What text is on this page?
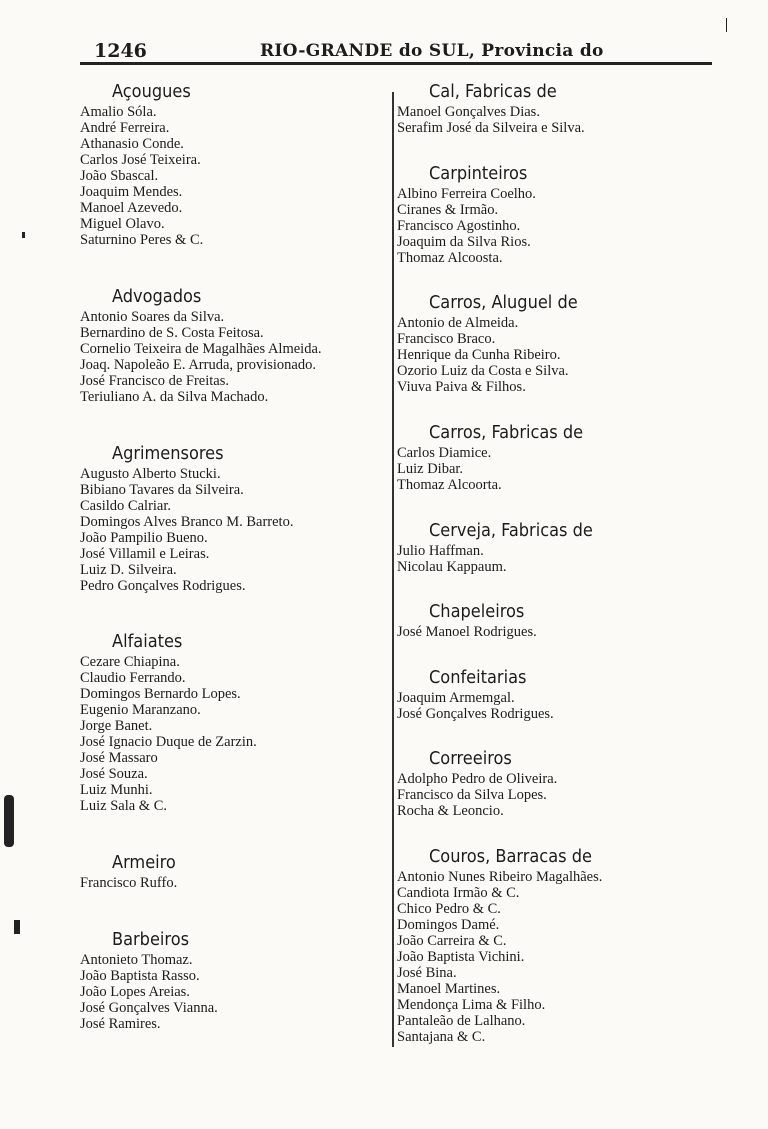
1246	RIO-GRANDE do SUL, Provincia do
Açougues
Amalio Sóla.
André Ferreira.
Athanasio Conde.
Carlos José Teixeira.
João Sbascal.
Joaquim Mendes.
Manoel Azevedo.
Miguel Olavo.
Saturnino Peres & C.
Advogados
Antonio Soares da Silva.
Bernardino de S. Costa Feitosa.
Cornelio Teixeira de Magalhães Almeida.
Joaq. Napoleão E. Arruda, provisionado.
José Francisco de Freitas.
Teriuliano A. da Silva Machado.
Agrimensores
Augusto Alberto Stucki.
Bibiano Tavares da Silveira.
Casildo Calriar.
Domingos Alves Branco M. Barreto.
João Pampilio Bueno.
José Villamil e Leiras.
Luiz D. Silveira.
Pedro Gonçalves Rodrigues.
Alfaiates
Cezare Chiapina.
Claudio Ferrando.
Domingos Bernardo Lopes.
Eugenio Maranzano.
Jorge Banet.
José Ignacio Duque de Zarzin.
José Massaro
José Souza.
Luiz Munhi.
Luiz Sala & C.
Armeiro
Francisco Ruffo.
Barbeiros
Antonieto Thomaz.
João Baptista Rasso.
João Lopes Areias.
José Gonçalves Vianna.
José Ramires.
Cal, Fabricas de
Manoel Gonçalves Dias.
Serafim José da Silveira e Silva.
Carpinteiros
Albino Ferreira Coelho.
Ciranes & Irmão.
Francisco Agostinho.
Joaquim da Silva Rios.
Thomaz Alcoosta.
Carros, Aluguel de
Antonio de Almeida.
Francisco Braco.
Henrique da Cunha Ribeiro.
Ozorio Luiz da Costa e Silva.
Viuva Paiva & Filhos.
Carros, Fabricas de
Carlos Diamice.
Luiz Dibar.
Thomaz Alcoorta.
Cerveja, Fabricas de
Julio Haffman.
Nicolau Kappaum.
Chapeleiros
José Manoel Rodrigues.
Confeitarias
Joaquim Armemgal.
José Gonçalves Rodrigues.
Correeiros
Adolpho Pedro de Oliveira.
Francisco da Silva Lopes.
Rocha & Leoncio.
Couros, Barracas de
Antonio Nunes Ribeiro Magalhães.
Candiota Irmão & C.
Chico Pedro & C.
Domingos Damé.
João Carreira & C.
João Baptista Vichini.
José Bina.
Manoel Martines.
Mendonça Lima & Filho.
Pantaleão de Lalhano.
Santajana & C.
